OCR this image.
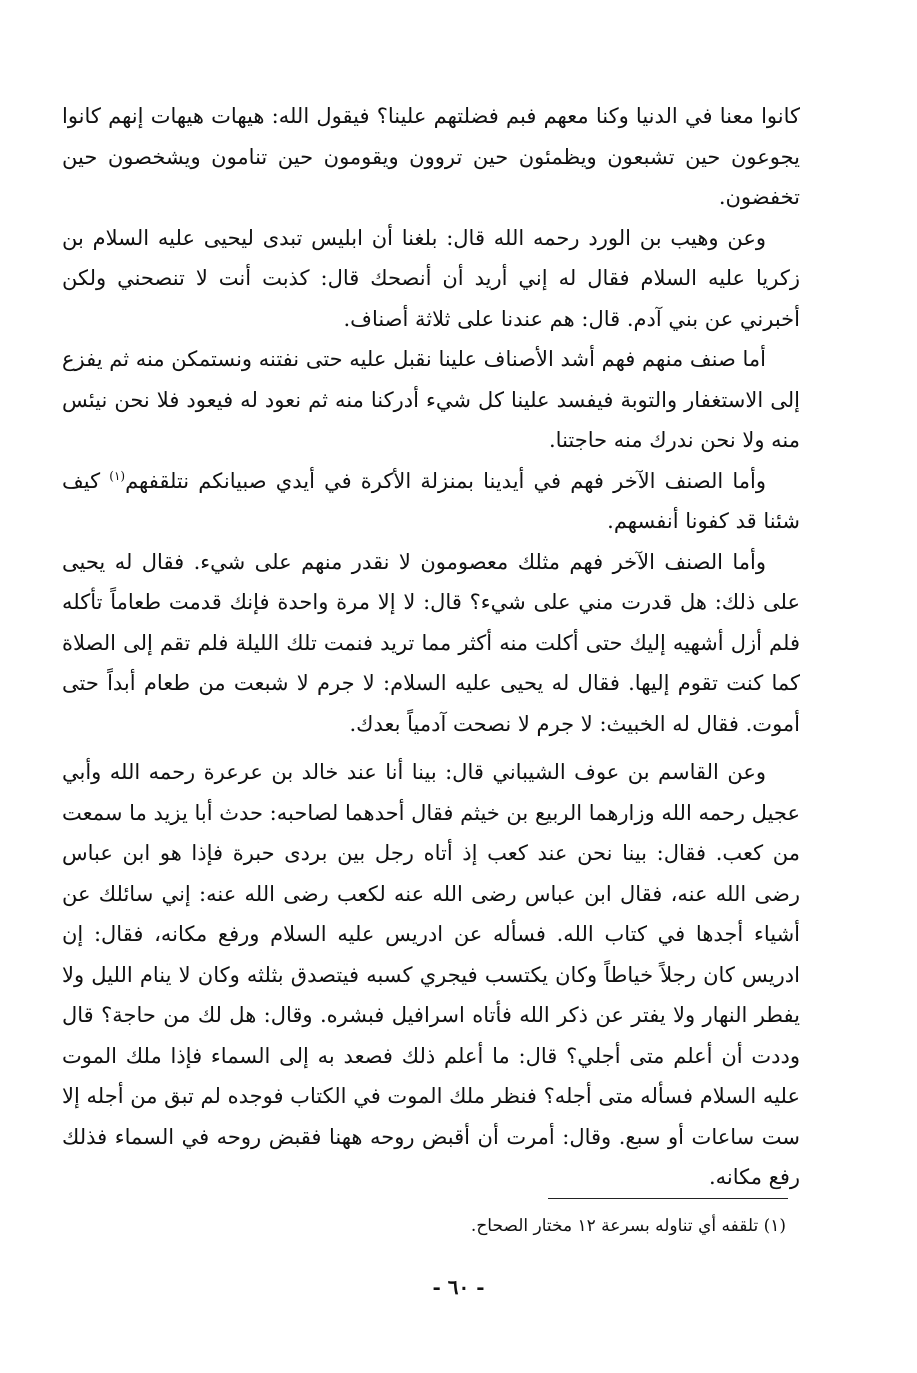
كانوا معنا في الدنيا وكنا معهم فبم فضلتهم علينا؟ فيقول الله: هيهات هيهات إنهم كانوا يجوعون حين تشبعون ويظمئون حين تروون ويقومون حين تنامون ويشخصون حين تخفضون.

وعن وهيب بن الورد رحمه الله قال: بلغنا أن ابليس تبدى ليحيى عليه السلام بن زكريا عليه السلام فقال له إني أريد أن أنصحك قال: كذبت أنت لا تنصحني ولكن أخبرني عن بني آدم. قال: هم عندنا على ثلاثة أصناف.

أما صنف منهم فهم أشد الأصناف علينا نقبل عليه حتى نفتنه ونستمكن منه ثم يفزع إلى الاستغفار والتوبة فيفسد علينا كل شيء أدركنا منه ثم نعود له فيعود فلا نحن نيئس منه ولا نحن ندرك منه حاجتنا.

وأما الصنف الآخر فهم في أيدينا بمنزلة الأكرة في أيدي صبيانكم نتلقفهم$^{(١)}$ كيف شئنا قد كفونا أنفسهم.

وأما الصنف الآخر فهم مثلك معصومون لا نقدر منهم على شيء. فقال له يحيى على ذلك: هل قدرت مني على شيء؟ قال: لا إلا مرة واحدة فإنك قدمت طعاماً تأكله فلم أزل أشهيه إليك حتى أكلت منه أكثر مما تريد فنمت تلك الليلة فلم تقم إلى الصلاة كما كنت تقوم إليها. فقال له يحيى عليه السلام: لا جرم لا شبعت من طعام أبداً حتى أموت. فقال له الخبيث: لا جرم لا نصحت آدمياً بعدك.

وعن القاسم بن عوف الشيباني قال: بينا أنا عند خالد بن عرعرة رحمه الله وأبي عجيل رحمه الله وزارهما الربيع بن خيثم فقال أحدهما لصاحبه: حدث أبا يزيد ما سمعت من كعب. فقال: بينا نحن عند كعب إذ أتاه رجل بين بردى حبرة فإذا هو ابن عباس رضى الله عنه، فقال ابن عباس رضى الله عنه لكعب رضى الله عنه: إني سائلك عن أشياء أجدها في كتاب الله. فسأله عن ادريس عليه السلام ورفع مكانه، فقال: إن ادريس كان رجلاً خياطاً وكان يكتسب فيجري كسبه فيتصدق بثلثه وكان لا ينام الليل ولا يفطر النهار ولا يفتر عن ذكر الله فأتاه اسرافيل فبشره. وقال: هل لك من حاجة؟ قال وددت أن أعلم متى أجلي؟ قال: ما أعلم ذلك فصعد به إلى السماء فإذا ملك الموت عليه السلام فسأله متى أجله؟ فنظر ملك الموت في الكتاب فوجده لم تبق من أجله إلا ست ساعات أو سبع. وقال: أمرت أن أقبض روحه ههنا فقبض روحه في السماء فذلك رفع مكانه.

(١) تلقفه أي تناوله بسرعة ١٢ مختار الصحاح.
- ٦٠ -
